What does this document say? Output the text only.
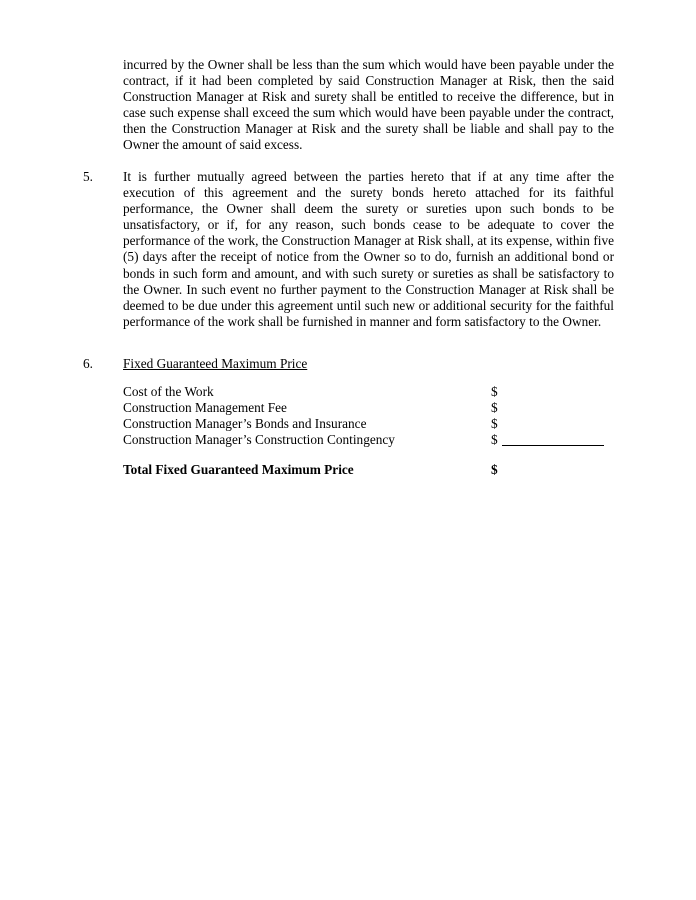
incurred by the Owner shall be less than the sum which would have been payable under the contract, if it had been completed by said Construction Manager at Risk, then the said Construction Manager at Risk and surety shall be entitled to receive the difference, but in case such expense shall exceed the sum which would have been payable under the contract, then the Construction Manager at Risk and the surety shall be liable and shall pay to the Owner the amount of said excess.

5. It is further mutually agreed between the parties hereto that if at any time after the execution of this agreement and the surety bonds hereto attached for its faithful performance, the Owner shall deem the surety or sureties upon such bonds to be unsatisfactory, or if, for any reason, such bonds cease to be adequate to cover the performance of the work, the Construction Manager at Risk shall, at its expense, within five (5) days after the receipt of notice from the Owner so to do, furnish an additional bond or bonds in such form and amount, and with such surety or sureties as shall be satisfactory to the Owner. In such event no further payment to the Construction Manager at Risk shall be deemed to be due under this agreement until such new or additional security for the faithful performance of the work shall be furnished in manner and form satisfactory to the Owner.

6. Fixed Guaranteed Maximum Price
Cost of the Work	$
Construction Management Fee	$
Construction Manager’s Bonds and Insurance	$
Construction Manager’s Construction Contingency	$
Total Fixed Guaranteed Maximum Price	$
